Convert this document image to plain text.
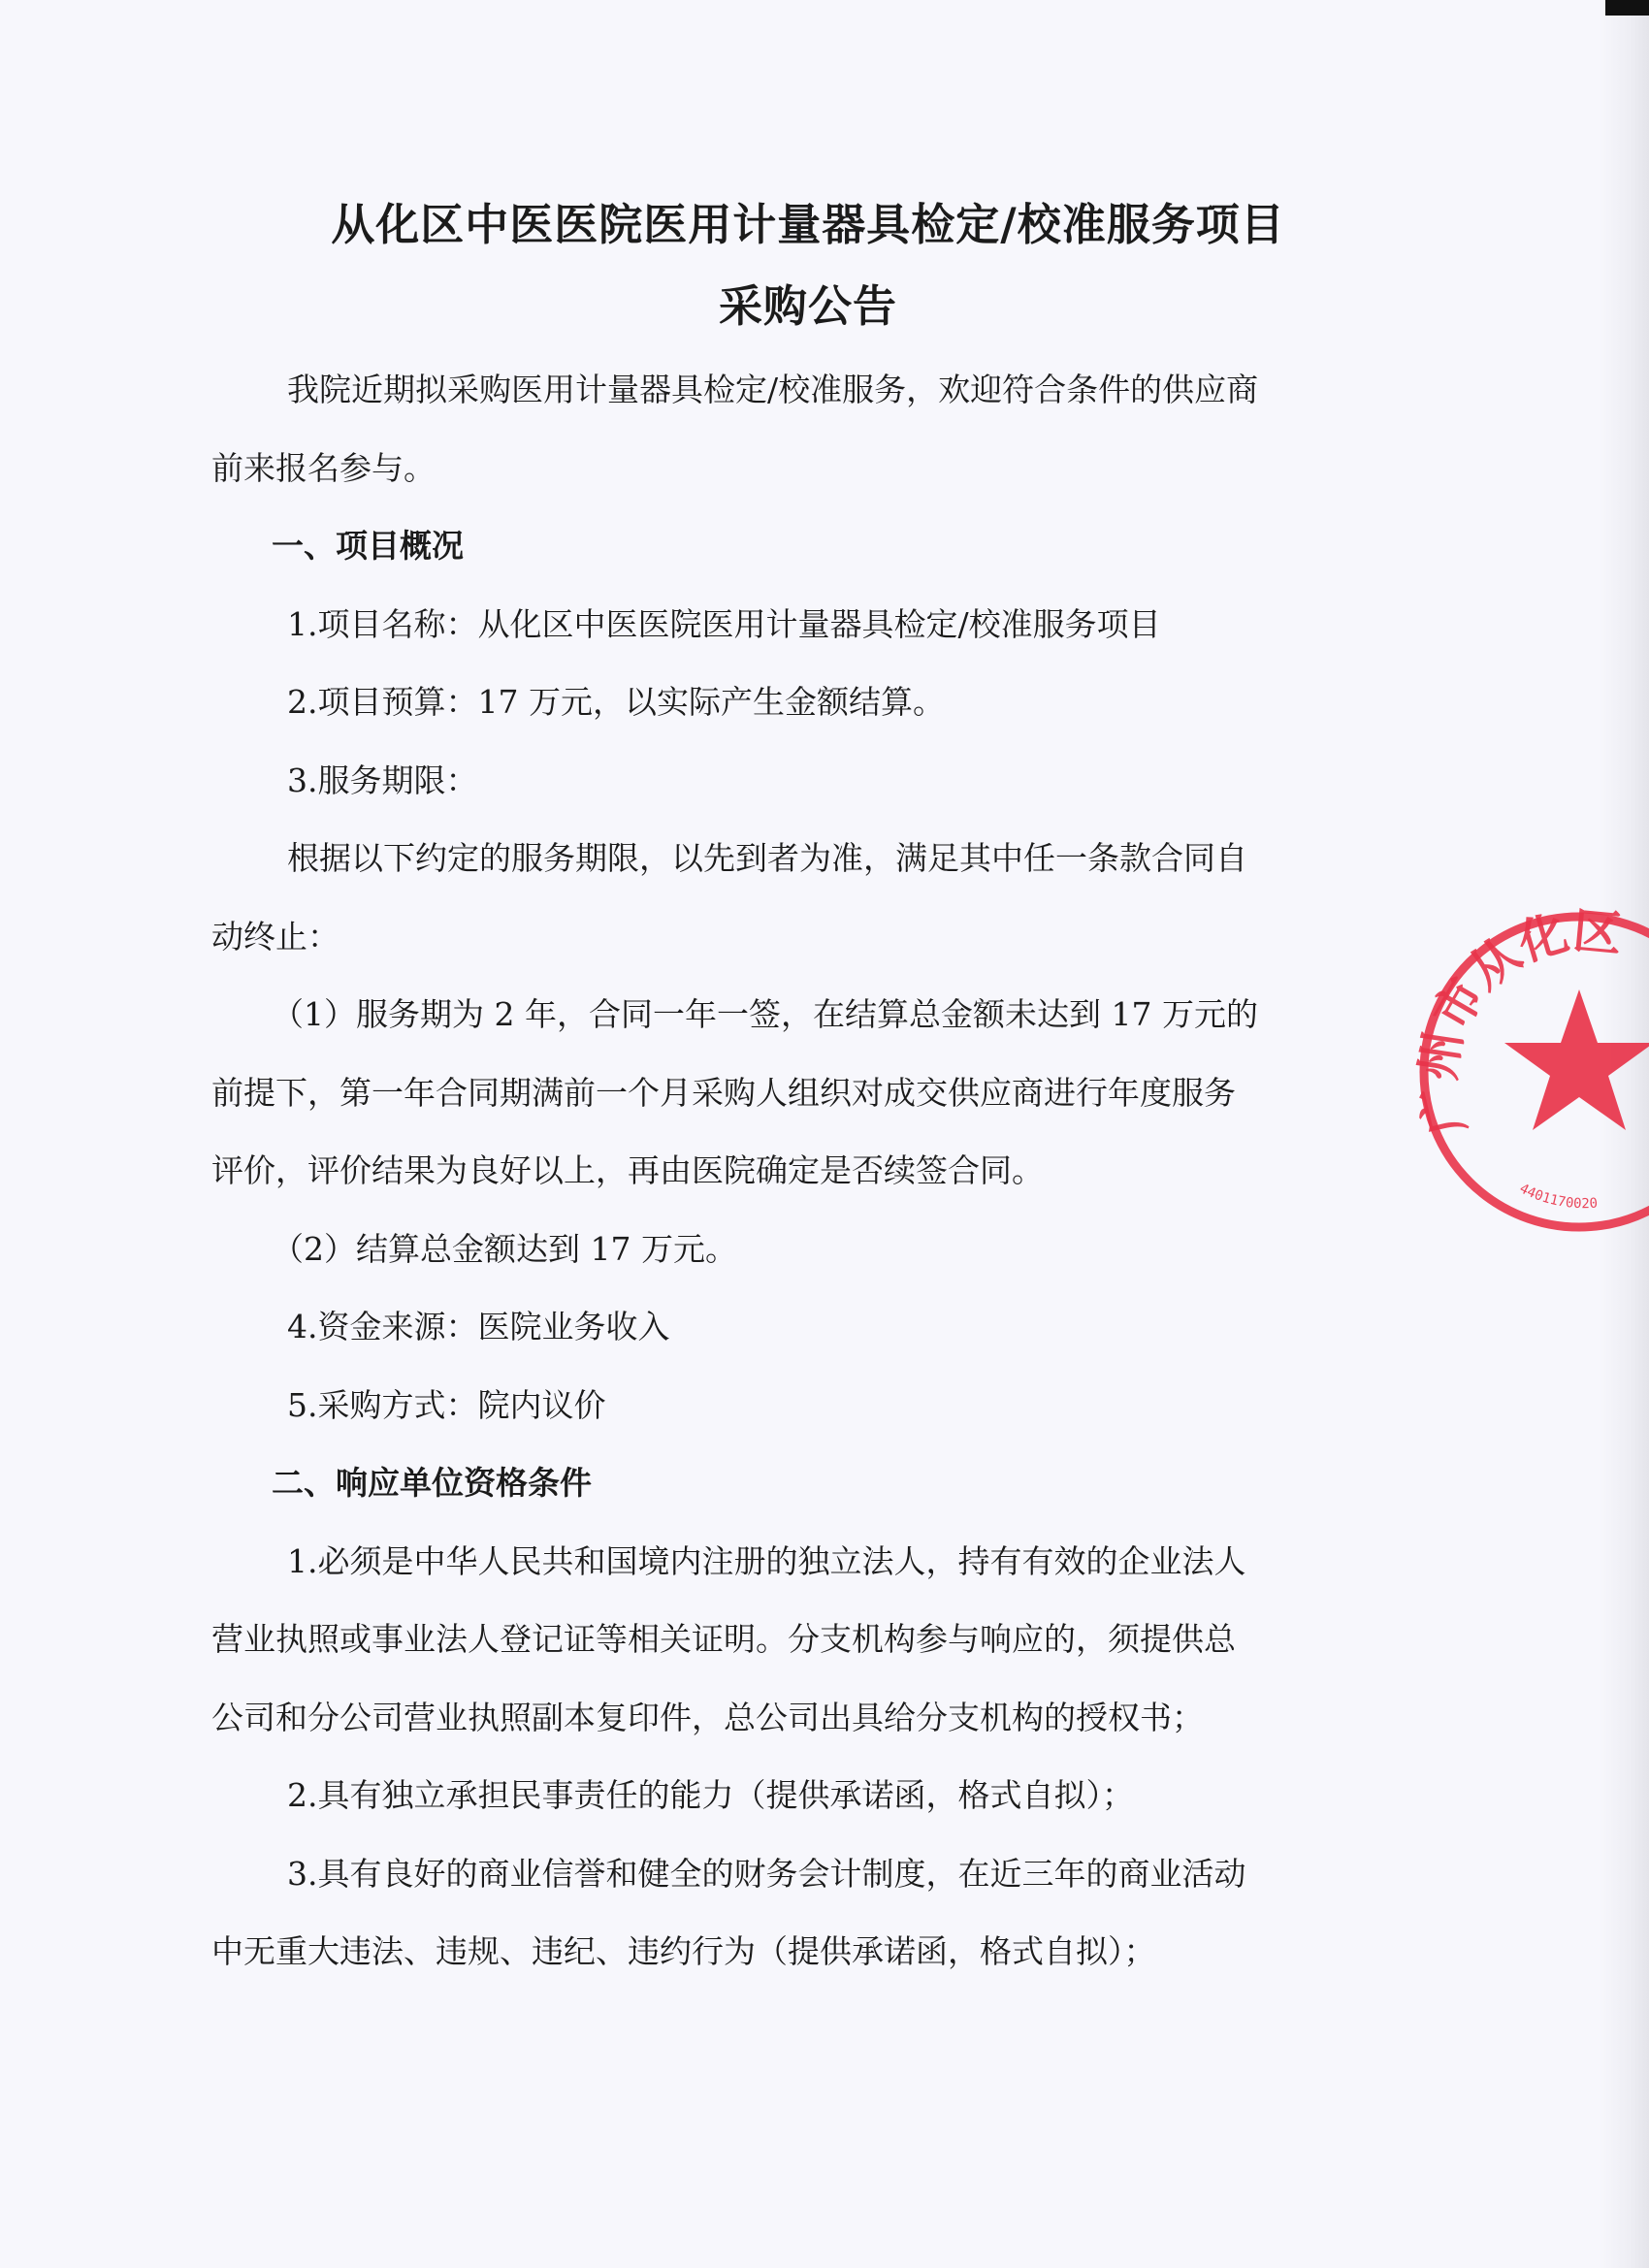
从化区中医医院医用计量器具检定/校准服务项目
采购公告

我院近期拟采购医用计量器具检定/校准服务，欢迎符合条件的供应商

前来报名参与。

一、项目概况

1.项目名称：从化区中医医院医用计量器具检定/校准服务项目

2.项目预算：17 万元，以实际产生金额结算。

3.服务期限：

根据以下约定的服务期限，以先到者为准，满足其中任一条款合同自

动终止：

（1）服务期为 2 年，合同一年一签，在结算总金额未达到 17 万元的

前提下，第一年合同期满前一个月采购人组织对成交供应商进行年度服务

评价，评价结果为良好以上，再由医院确定是否续签合同。

（2）结算总金额达到 17 万元。

4.资金来源：医院业务收入

5.采购方式：院内议价

二、响应单位资格条件

1.必须是中华人民共和国境内注册的独立法人，持有有效的企业法人

营业执照或事业法人登记证等相关证明。分支机构参与响应的，须提供总

公司和分公司营业执照副本复印件，总公司出具给分支机构的授权书；

2.具有独立承担民事责任的能力（提供承诺函，格式自拟）；

3.具有良好的商业信誉和健全的财务会计制度，在近三年的商业活动

中无重大违法、违规、违纪、违约行为（提供承诺函，格式自拟）；

广州市从化区
4401170020
